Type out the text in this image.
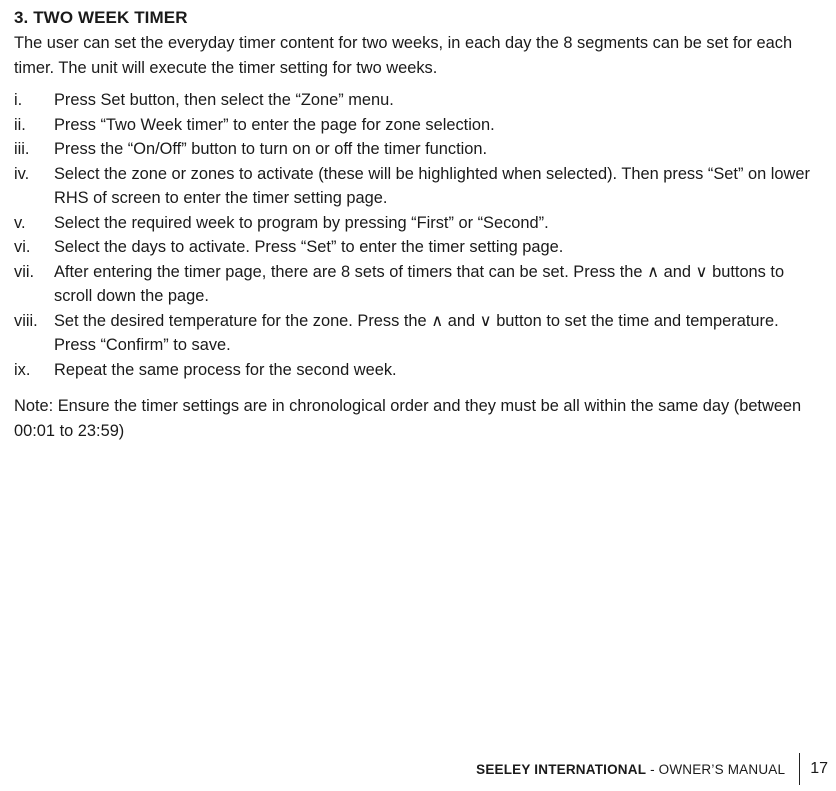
3. TWO WEEK TIMER

The user can set the everyday timer content for two weeks, in each day the 8 segments can be set for each timer. The unit will execute the timer setting for two weeks.

i.	Press Set button, then select the “Zone” menu.
ii.	Press “Two Week timer” to enter the page for zone selection.
iii.	Press the “On/Off” button to turn on or off the timer function.
iv.	Select the zone or zones to activate (these will be highlighted when selected). Then press “Set” on lower RHS of screen to enter the timer setting page.
v.	Select the required week to program by pressing “First” or “Second”.
vi.	Select the days to activate. Press “Set” to enter the timer setting page.
vii.	After entering the timer page, there are 8 sets of timers that can be set. Press the ∧ and ∨ buttons to scroll down the page.
viii. Set the desired temperature for the zone. Press the ∧ and ∨ button to set the time and temperature. Press “Confirm” to save.
ix.	Repeat the same process for the second week.

Note: Ensure the timer settings are in chronological order and they must be all within the same day (between 00:01 to 23:59)

SEELEY INTERNATIONAL - OWNER’S MANUAL 17
